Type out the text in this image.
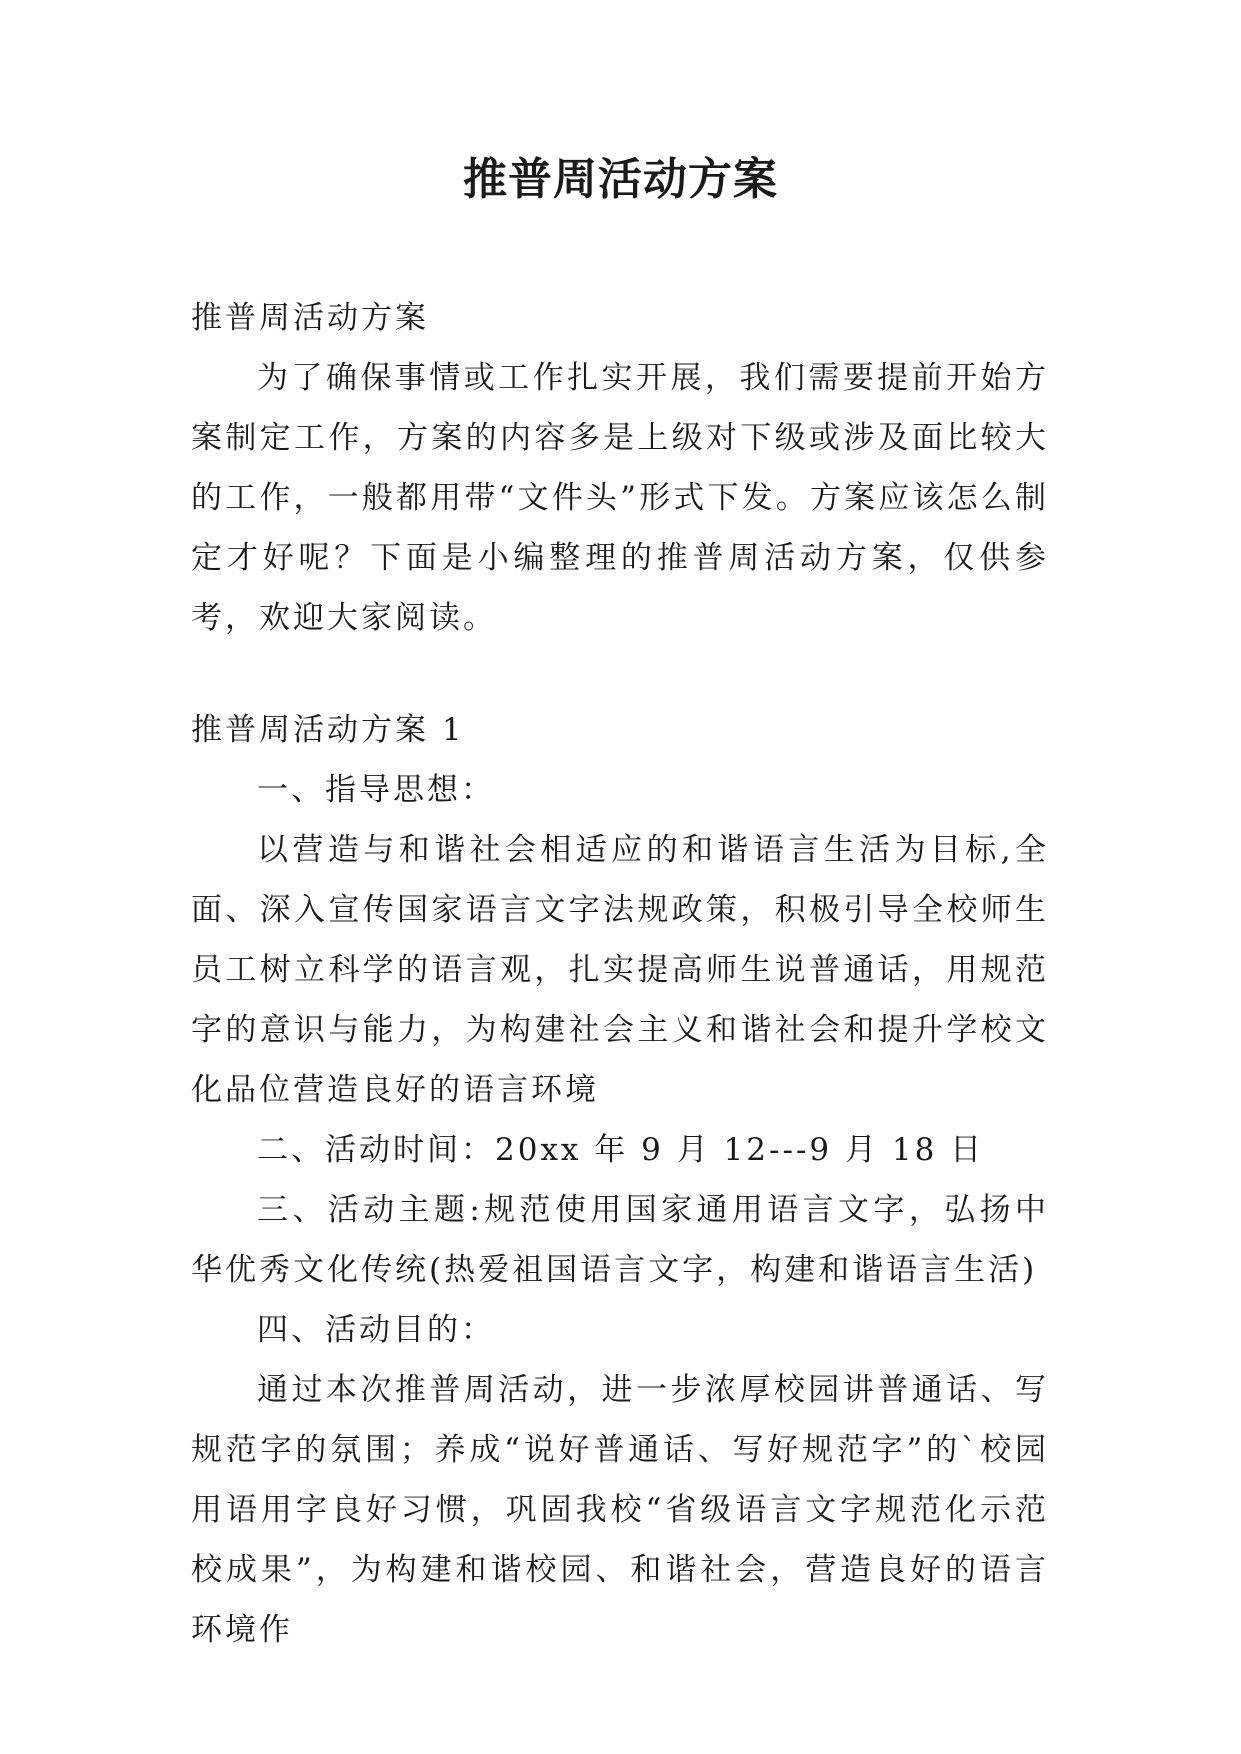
推普周活动方案

推普周活动方案

为了确保事情或工作扎实开展，我们需要提前开始方案制定工作，方案的内容多是上级对下级或涉及面比较大的工作，一般都用带“文件头”形式下发。方案应该怎么制定才好呢？下面是小编整理的推普周活动方案，仅供参考，欢迎大家阅读。

推普周活动方案 1

一、指导思想：

以营造与和谐社会相适应的和谐语言生活为目标,全面、深入宣传国家语言文字法规政策，积极引导全校师生员工树立科学的语言观，扎实提高师生说普通话，用规范字的意识与能力，为构建社会主义和谐社会和提升学校文化品位营造良好的语言环境

二、活动时间：20xx 年 9 月 12---9 月 18 日

三、活动主题:规范使用国家通用语言文字，弘扬中华优秀文化传统(热爱祖国语言文字，构建和谐语言生活)

四、活动目的：

通过本次推普周活动，进一步浓厚校园讲普通话、写规范字的氛围；养成“说好普通话、写好规范字”的`校园用语用字良好习惯，巩固我校“省级语言文字规范化示范校成果”，为构建和谐校园、和谐社会，营造良好的语言环境作
